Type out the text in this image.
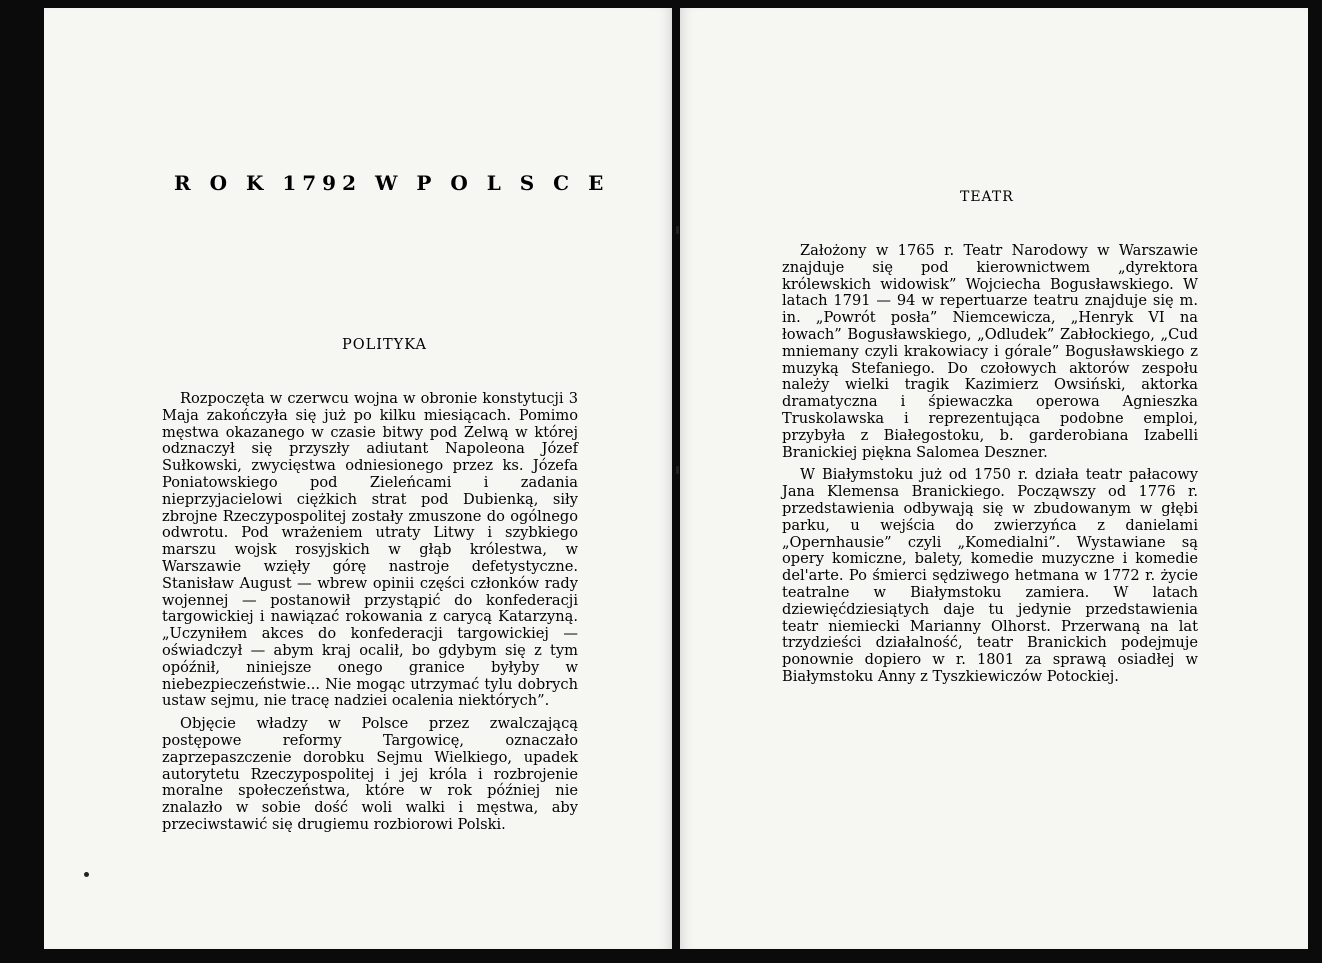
R O K 1792 W P O L S C E
POLITYKA

Rozpoczęta w czerwcu wojna w obronie konstytucji 3 Maja zakończyła się już po kilku miesiącach. Pomimo męstwa okazanego w czasie bitwy pod Zelwą w której odznaczył się przyszły adiutant Napoleona Józef Sułkowski, zwycięstwa odniesionego przez ks. Józefa Poniatowskiego pod Zieleńcami i zadania nieprzyjacielowi ciężkich strat pod Dubienką, siły zbrojne Rzeczypospolitej zostały zmuszone do ogólnego odwrotu. Pod wrażeniem utraty Litwy i szybkiego marszu wojsk rosyjskich w głąb królestwa, w Warszawie wzięły górę nastroje defetystyczne. Stanisław August — wbrew opinii części członków rady wojennej — postanowił przystąpić do konfederacji targowickiej i nawiązać rokowania z carycą Katarzyną. „Uczyniłem akces do konfederacji targowickiej — oświadczył — abym kraj ocalił, bo gdybym się z tym opóźnił, niniejsze onego granice byłyby w niebezpieczeństwie... Nie mogąc utrzymać tylu dobrych ustaw sejmu, nie tracę nadziei ocalenia niektórych”.

Objęcie władzy w Polsce przez zwalczającą postępowe reformy Targowicę, oznaczało zaprzepaszczenie dorobku Sejmu Wielkiego, upadek autorytetu Rzeczypospolitej i jej króla i rozbrojenie moralne społeczeństwa, które w rok później nie znalazło w sobie dość woli walki i męstwa, aby przeciwstawić się drugiemu rozbiorowi Polski.

TEATR

Założony w 1765 r. Teatr Narodowy w Warszawie znajduje się pod kierownictwem „dyrektora królewskich widowisk” Wojciecha Bogusławskiego. W latach 1791 — 94 w repertuarze teatru znajduje się m. in. „Powrót posła” Niemcewicza, „Henryk VI na łowach” Bogusławskiego, „Odludek” Zabłockiego, „Cud mniemany czyli krakowiacy i górale” Bogusławskiego z muzyką Stefaniego. Do czołowych aktorów zespołu należy wielki tragik Kazimierz Owsiński, aktorka dramatyczna i śpiewaczka operowa Agnieszka Truskolawska i reprezentująca podobne emploi, przybyła z Białegostoku, b. garderobiana Izabelli Branickiej piękna Salomea Deszner.

W Białymstoku już od 1750 r. działa teatr pałacowy Jana Klemensa Branickiego. Począwszy od 1776 r. przedstawienia odbywają się w zbudowanym w głębi parku, u wejścia do zwierzyńca z danielami „Opernhausie” czyli „Komedialni”. Wystawiane są opery komiczne, balety, komedie muzyczne i komedie del'arte. Po śmierci sędziwego hetmana w 1772 r. życie teatralne w Białymstoku zamiera. W latach dziewięćdziesiątych daje tu jedynie przedstawienia teatr niemiecki Marianny Olhorst. Przerwaną na lat trzydzieści działalność, teatr Branickich podejmuje ponownie dopiero w r. 1801 za sprawą osiadłej w Białymstoku Anny z Tyszkiewiczów Potockiej.
